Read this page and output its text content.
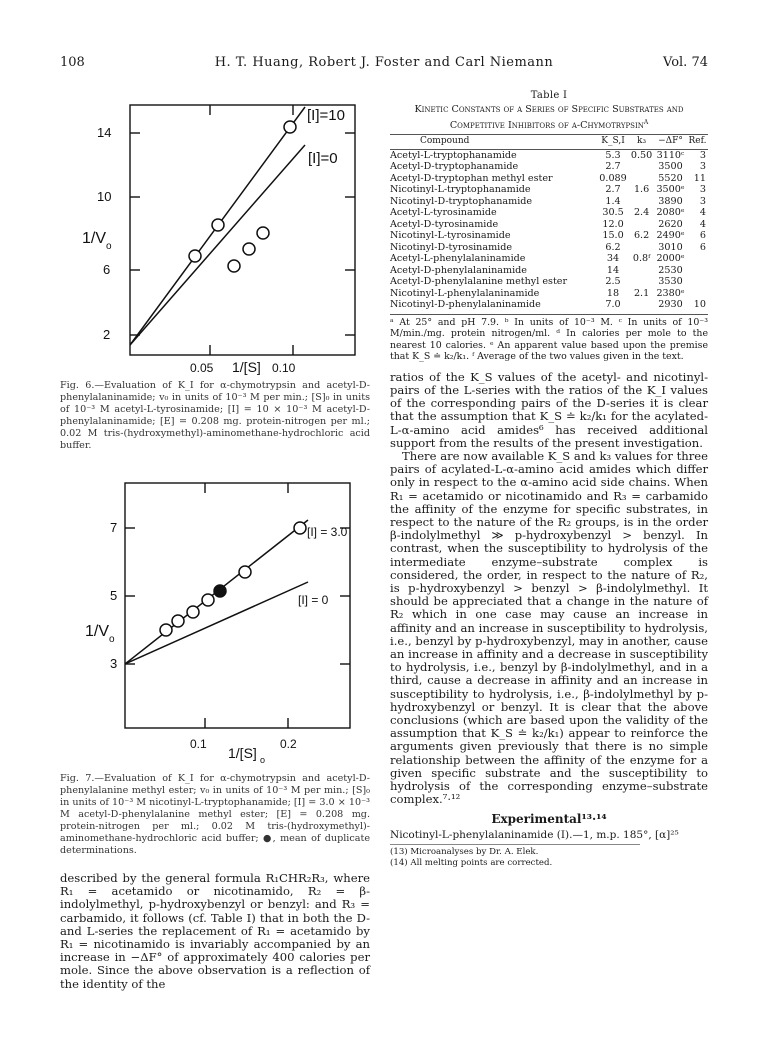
108	H. T. Huang, Robert J. Foster and Carl Niemann	Vol. 74
[I]=10
[I]=0
14
10
6
2
1/V o
0.05	0.10
1/[S]
Fig. 6.—Evaluation of K_I for α-chymotrypsin and acetyl-D-phenylalaninamide; v₀ in units of 10⁻³ M per min.; [S]₀ in units of 10⁻³ M acetyl-L-tyrosinamide; [I] = 10 × 10⁻³ M acetyl-D-phenylalaninamide; [E] = 0.208 mg. protein-nitrogen per ml.; 0.02 M tris-(hydroxymethyl)-aminomethane-hydrochloric acid buffer.
[I] = 3.0
[I] = 0
7
5
3
1/V o
0.1	0.2
1/[S] o
Fig. 7.—Evaluation of K_I for α-chymotrypsin and acetyl-D-phenylalanine methyl ester; v₀ in units of 10⁻³ M per min.; [S]₀ in units of 10⁻³ M nicotinyl-L-tryptophanamide; [I] = 3.0 × 10⁻³ M acetyl-D-phenylalanine methyl ester; [E] = 0.208 mg. protein-nitrogen per ml.; 0.02 M tris-(hydroxymethyl)-aminomethane-hydrochloric acid buffer; ●, mean of duplicate determinations.

described by the general formula R₁CHR₂R₃, where R₁ = acetamido or nicotinamido, R₂ = β-indolylmethyl, p-hydroxybenzyl or benzyl: and R₃ = carbamido, it follows (cf. Table I) that in both the D- and L-series the replacement of R₁ = acetamido by R₁ = nicotinamido is invariably accompanied by an increase in −ΔF° of approximately 400 calories per mole. Since the above observation is a reflection of the identity of the

Table I
Kinetic Constants of a Series of Specific Substrates and Competitive Inhibitors of α-Chymotrypsin$^a$
Compound	K_S,I	k₃	−ΔF°	Ref.
Acetyl-L-tryptophanamide	5.3	0.50	3110ᶜ	3
Acetyl-D-tryptophanamide	2.7		3500	3
Acetyl-D-tryptophan methyl ester	0.089		5520	11
Nicotinyl-L-tryptophanamide	2.7	1.6	3500ᵉ	3
Nicotinyl-D-tryptophanamide	1.4		3890	3
Acetyl-L-tyrosinamide	30.5	2.4	2080ᵉ	4
Acetyl-D-tyrosinamide	12.0		2620	4
Nicotinyl-L-tyrosinamide	15.0	6.2	2490ᵉ	6
Nicotinyl-D-tyrosinamide	6.2		3010	6
Acetyl-L-phenylalaninamide	34	0.8ᶠ	2000ᵉ	
Acetyl-D-phenylalaninamide	14		2530	
Acetyl-D-phenylalanine methyl ester	2.5		3530	
Nicotinyl-L-phenylalaninamide	18	2.1	2380ᵉ	
Nicotinyl-D-phenylalaninamide	7.0		2930	10
ᵃ At 25° and pH 7.9. ᵇ In units of 10⁻³ M. ᶜ In units of 10⁻³ M/min./mg. protein nitrogen/ml. ᵈ In calories per mole to the nearest 10 calories. ᵉ An apparent value based upon the premise that K_S ≐ k₂/k₁. ᶠ Average of the two values given in the text.

ratios of the K_S values of the acetyl- and nicotinyl-pairs of the L-series with the ratios of the K_I values of the corresponding pairs of the D-series it is clear that the assumption that K_S ≐ k₂/k₁ for the acylated-L-α-amino acid amides⁶ has received additional support from the results of the present investigation.

There are now available K_S and k₃ values for three pairs of acylated-L-α-amino acid amides which differ only in respect to the α-amino acid side chains. When R₁ = acetamido or nicotinamido and R₃ = carbamido the affinity of the enzyme for specific substrates, in respect to the nature of the R₂ groups, is in the order β-indolylmethyl ≫ p-hydroxybenzyl > benzyl. In contrast, when the susceptibility to hydrolysis of the intermediate enzyme–substrate complex is considered, the order, in respect to the nature of R₂, is p-hydroxybenzyl > benzyl > β-indolylmethyl. It should be appreciated that a change in the nature of R₂ which in one case may cause an increase in affinity and an increase in susceptibility to hydrolysis, i.e., benzyl by p-hydroxybenzyl, may in another, cause an increase in affinity and a decrease in susceptibility to hydrolysis, i.e., benzyl by β-indolylmethyl, and in a third, cause a decrease in affinity and an increase in susceptibility to hydrolysis, i.e., β-indolylmethyl by p-hydroxybenzyl or benzyl. It is clear that the above conclusions (which are based upon the validity of the assumption that K_S ≐ k₂/k₁) appear to reinforce the arguments given previously that there is no simple relationship between the affinity of the enzyme for a given specific substrate and the susceptibility to hydrolysis of the corresponding enzyme–substrate complex.⁷·¹²

Experimental¹³·¹⁴
Nicotinyl-L-phenylalaninamide (I).—1, m.p. 185°, [α]²⁵
(13) Microanalyses by Dr. A. Elek.
(14) All melting points are corrected.
